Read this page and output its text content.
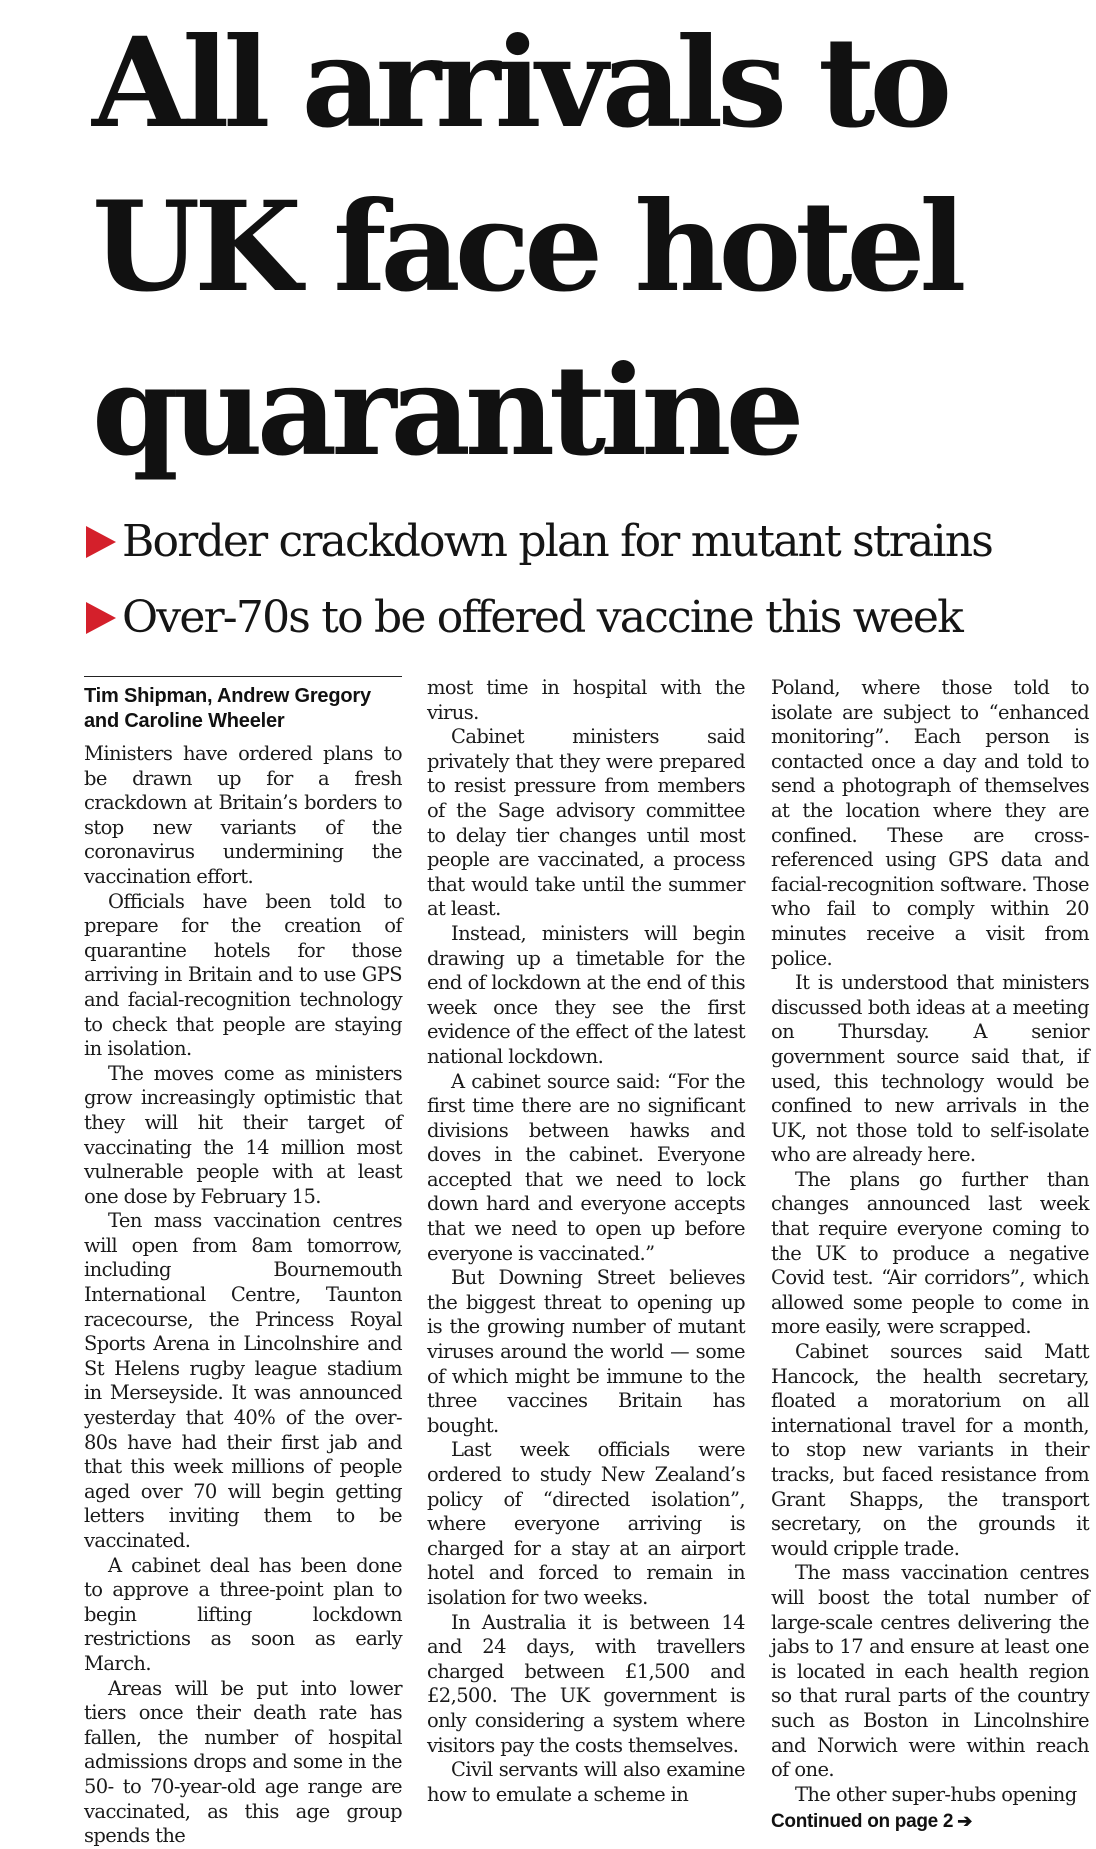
All arrivals to
UK face hotel
quarantine
Border crackdown plan for mutant strains
Over-70s to be offered vaccine this week
Tim Shipman, Andrew Gregory
and Caroline Wheeler

Ministers have ordered plans to be drawn up for a fresh crackdown at Britain’s borders to stop new variants of the coronavirus undermining the vaccination effort.

Officials have been told to prepare for the creation of quarantine hotels for those arriving in Britain and to use GPS and facial-recognition technology to check that people are staying in isolation.

The moves come as ministers grow increasingly optimistic that they will hit their target of vaccinating the 14 million most vulnerable people with at least one dose by February 15.

Ten mass vaccination centres will open from 8am tomorrow, including Bournemouth International Centre, Taunton racecourse, the Princess Royal Sports Arena in Lincolnshire and St Helens rugby league stadium in Merseyside. It was announced yesterday that 40% of the over-80s have had their first jab and that this week millions of people aged over 70 will begin getting letters inviting them to be vaccinated.

A cabinet deal has been done to approve a three-point plan to begin lifting lockdown restrictions as soon as early March.

Areas will be put into lower tiers once their death rate has fallen, the number of hospital admissions drops and some in the 50- to 70-year-old age range are vaccinated, as this age group spends the

most time in hospital with the virus.

Cabinet ministers said privately that they were prepared to resist pressure from members of the Sage advisory committee to delay tier changes until most people are vaccinated, a process that would take until the summer at least.

Instead, ministers will begin drawing up a timetable for the end of lockdown at the end of this week once they see the first evidence of the effect of the latest national lockdown.

A cabinet source said: “For the first time there are no significant divisions between hawks and doves in the cabinet. Everyone accepted that we need to lock down hard and everyone accepts that we need to open up before everyone is vaccinated.”

But Downing Street believes the biggest threat to opening up is the growing number of mutant viruses around the world — some of which might be immune to the three vaccines Britain has bought.

Last week officials were ordered to study New Zealand’s policy of “directed isolation”, where everyone arriving is charged for a stay at an airport hotel and forced to remain in isolation for two weeks.

In Australia it is between 14 and 24 days, with travellers charged between £1,500 and £2,500. The UK government is only considering a system where visitors pay the costs themselves.

Civil servants will also examine how to emulate a scheme in

Poland, where those told to isolate are subject to “enhanced monitoring”. Each person is contacted once a day and told to send a photograph of themselves at the location where they are confined. These are cross-referenced using GPS data and facial-recognition software. Those who fail to comply within 20 minutes receive a visit from police.

It is understood that ministers discussed both ideas at a meeting on Thursday. A senior government source said that, if used, this technology would be confined to new arrivals in the UK, not those told to self-isolate who are already here.

The plans go further than changes announced last week that require everyone coming to the UK to produce a negative Covid test. “Air corridors”, which allowed some people to come in more easily, were scrapped.

Cabinet sources said Matt Hancock, the health secretary, floated a moratorium on all international travel for a month, to stop new variants in their tracks, but faced resistance from Grant Shapps, the transport secretary, on the grounds it would cripple trade.

The mass vaccination centres will boost the total number of large-scale centres delivering the jabs to 17 and ensure at least one is located in each health region so that rural parts of the country such as Boston in Lincolnshire and Norwich were within reach of one.

The other super-hubs opening

Continued on page 2 ➔
